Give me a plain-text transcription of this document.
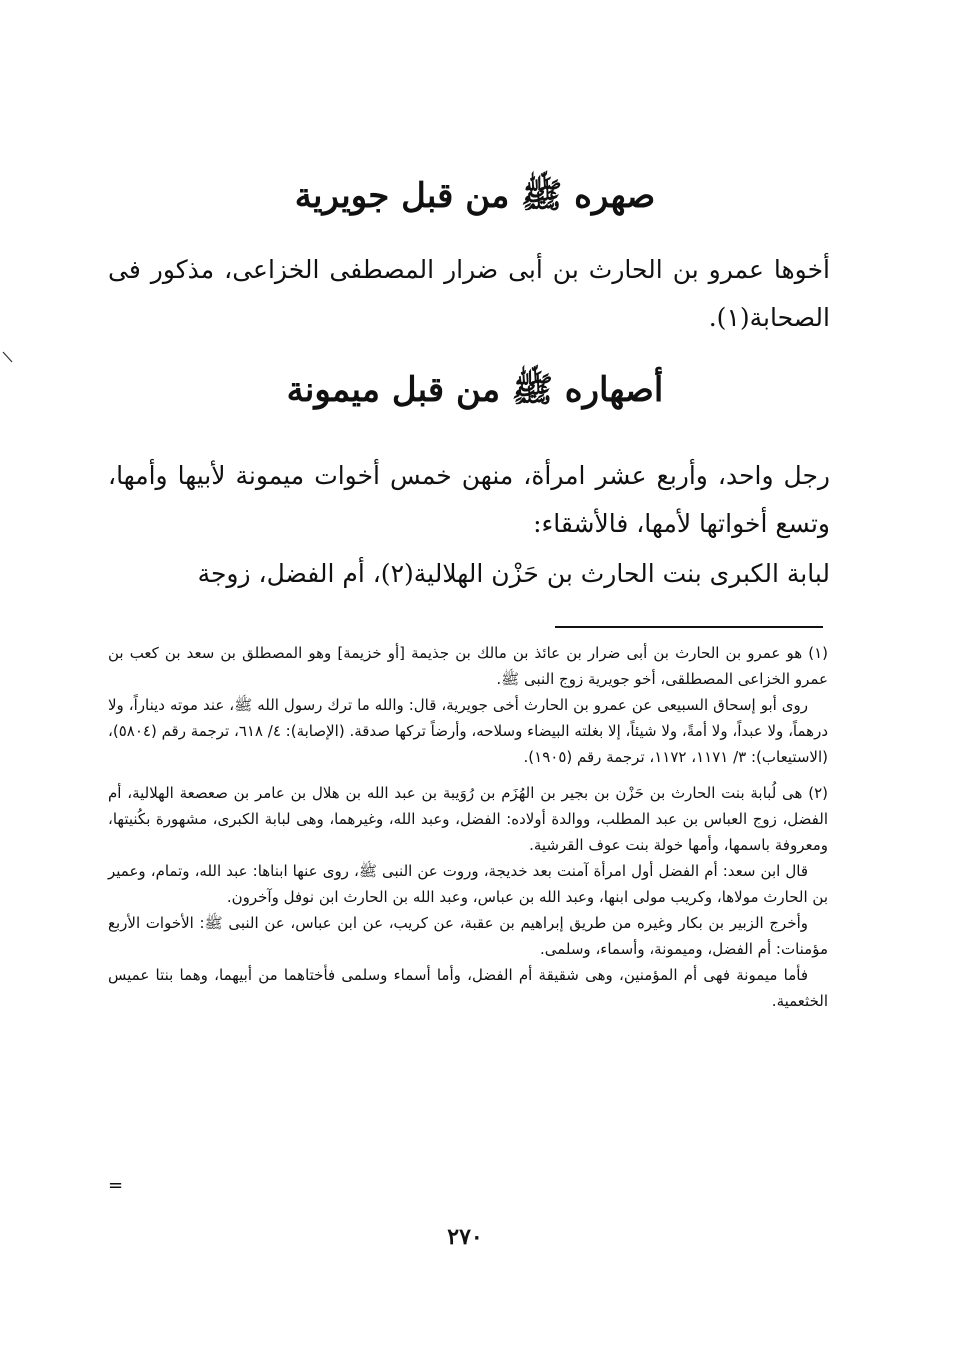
صهره ﷺ من قبل جويرية

أخوها عمرو بن الحارث بن أبى ضرار المصطفى الخزاعى، مذكور فى الصحابة(١).

أصهاره ﷺ من قبل ميمونة

رجل واحد، وأربع عشر امرأة، منهن خمس أخوات ميمونة لأبيها وأمها، وتسع أخواتها لأمها، فالأشقاء:

لبابة الكبرى بنت الحارث بن حَزْن الهلالية(٢)، أم الفضل، زوجة

(١) هو عمرو بن الحارث بن أبى ضرار بن عائذ بن مالك بن جذيمة [أو خزيمة] وهو المصطلق بن سعد بن كعب بن عمرو الخزاعى المصطلقى، أخو جويرية زوج النبى ﷺ.

روى أبو إسحاق السبيعى عن عمرو بن الحارث أخى جويرية، قال: والله ما ترك رسول الله ﷺ، عند موته ديناراً، ولا درهماً، ولا عبداً، ولا أمةً، ولا شيئاً، إلا بغلته البيضاء وسلاحه، وأرضاً تركها صدقة. (الإصابة): ٤/ ٦١٨، ترجمة رقم (٥٨٠٤)، (الاستيعاب): ٣/ ١١٧١، ١١٧٢، ترجمة رقم (١٩٠٥).

(٢) هى لُبابة بنت الحارث بن حَزْن بن بجير بن الهُزَم بن رُوَيبة بن عبد الله بن هلال بن عامر بن صعصعة الهلالية، أم الفضل، زوج العباس بن عبد المطلب، ووالدة أولاده: الفضل، وعبد الله، وغيرهما، وهى لبابة الكبرى، مشهورة بكُنيتها، ومعروفة باسمها، وأمها خولة بنت عوف القرشية.

قال ابن سعد: أم الفضل أول امرأة آمنت بعد خديجة، وروت عن النبى ﷺ، روى عنها ابناها: عبد الله، وتمام، وعمير بن الحارث مولاها، وكريب مولى ابنها، وعبد الله بن عباس، وعبد الله بن الحارث ابن نوفل وآخرون.

وأخرج الزبير بن بكار وغيره من طريق إبراهيم بن عقبة، عن كريب، عن ابن عباس، عن النبى ﷺ: الأخوات الأربع مؤمنات: أم الفضل، وميمونة، وأسماء، وسلمى.

فأما ميمونة فهى أم المؤمنين، وهى شقيقة أم الفضل، وأما أسماء وسلمى فأختاهما من أبيهما، وهما بنتا عميس الخثعمية.

=
٢٧٠
